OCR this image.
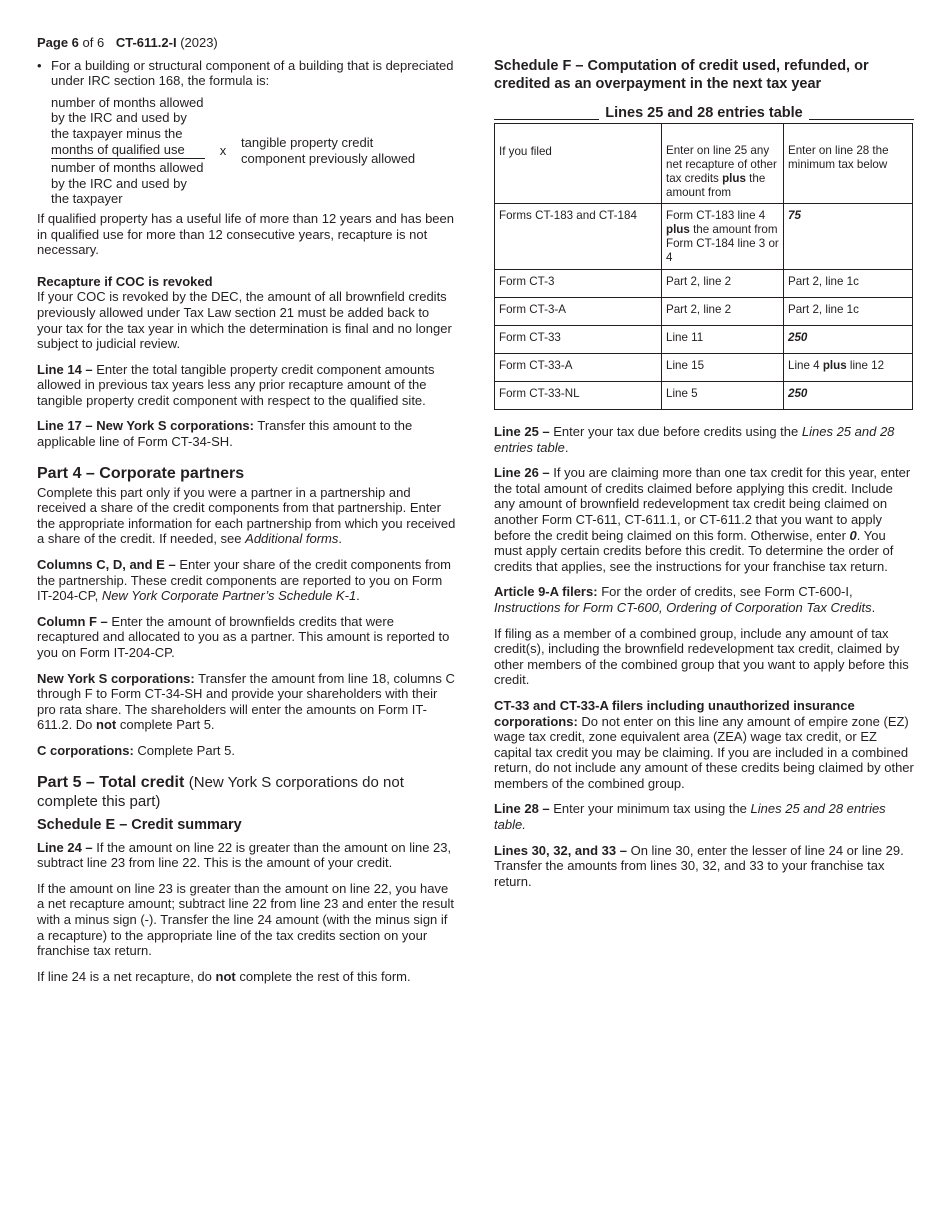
Page 6 of 6 CT-611.2-I (2023)
• For a building or structural component of a building that is depreciated under IRC section 168, the formula is:
number of months allowed by the IRC and used by the taxpayer minus the months of qualified use
number of months allowed by the IRC and used by the taxpayer
x
tangible property credit component previously allowed

If qualified property has a useful life of more than 12 years and has been in qualified use for more than 12 consecutive years, recapture is not necessary.

Recapture if COC is revoked

If your COC is revoked by the DEC, the amount of all brownfield credits previously allowed under Tax Law section 21 must be added back to your tax for the tax year in which the determination is final and no longer subject to judicial review.

Line 14 – Enter the total tangible property credit component amounts allowed in previous tax years less any prior recapture amount of the tangible property credit component with respect to the qualified site.

Line 17 – New York S corporations: Transfer this amount to the applicable line of Form CT-34-SH.

Part 4 – Corporate partners

Complete this part only if you were a partner in a partnership and received a share of the credit components from that partnership. Enter the appropriate information for each partnership from which you received a share of the credit. If needed, see Additional forms.

Columns C, D, and E – Enter your share of the credit components from the partnership. These credit components are reported to you on Form IT-204-CP, New York Corporate Partner’s Schedule K-1.

Column F – Enter the amount of brownfields credits that were recaptured and allocated to you as a partner. This amount is reported to you on Form IT-204-CP.

New York S corporations: Transfer the amount from line 18, columns C through F to Form CT-34-SH and provide your shareholders with their pro rata share. The shareholders will enter the amounts on Form IT-611.2. Do not complete Part 5.

C corporations: Complete Part 5.

Part 5 – Total credit (New York S corporations do not complete this part)
Schedule E – Credit summary

Line 24 – If the amount on line 22 is greater than the amount on line 23, subtract line 23 from line 22. This is the amount of your credit.

If the amount on line 23 is greater than the amount on line 22, you have a net recapture amount; subtract line 22 from line 23 and enter the result with a minus sign (-). Transfer the line 24 amount (with the minus sign if a recapture) to the appropriate line of the tax credits section on your franchise tax return.

If line 24 is a net recapture, do not complete the rest of this form.

Schedule F – Computation of credit used, refunded, or credited as an overpayment in the next tax year
Lines 25 and 28 entries table
If you filed	Enter on line 25 any net recapture of other tax credits plus the amount from	Enter on line 28 the minimum tax below
Forms CT-183 and CT-184	Form CT-183 line 4 plus the amount from Form CT-184 line 3 or 4	75
Form CT-3	Part 2, line 2	Part 2, line 1c
Form CT-3-A	Part 2, line 2	Part 2, line 1c
Form CT-33	Line 11	250
Form CT-33-A	Line 15	Line 4 plus line 12
Form CT-33-NL	Line 5	250

Line 25 – Enter your tax due before credits using the Lines 25 and 28 entries table.

Line 26 – If you are claiming more than one tax credit for this year, enter the total amount of credits claimed before applying this credit. Include any amount of brownfield redevelopment tax credit being claimed on another Form CT-611, CT-611.1, or CT-611.2 that you want to apply before the credit being claimed on this form. Otherwise, enter 0. You must apply certain credits before this credit. To determine the order of credits that applies, see the instructions for your franchise tax return.

Article 9-A filers: For the order of credits, see Form CT-600-I, Instructions for Form CT-600, Ordering of Corporation Tax Credits.

If filing as a member of a combined group, include any amount of tax credit(s), including the brownfield redevelopment tax credit, claimed by other members of the combined group that you want to apply before this credit.

CT-33 and CT-33-A filers including unauthorized insurance corporations: Do not enter on this line any amount of empire zone (EZ) wage tax credit, zone equivalent area (ZEA) wage tax credit, or EZ capital tax credit you may be claiming. If you are included in a combined return, do not include any amount of these credits being claimed by other members of the combined group.

Line 28 – Enter your minimum tax using the Lines 25 and 28 entries table.

Lines 30, 32, and 33 – On line 30, enter the lesser of line 24 or line 29. Transfer the amounts from lines 30, 32, and 33 to your franchise tax return.
